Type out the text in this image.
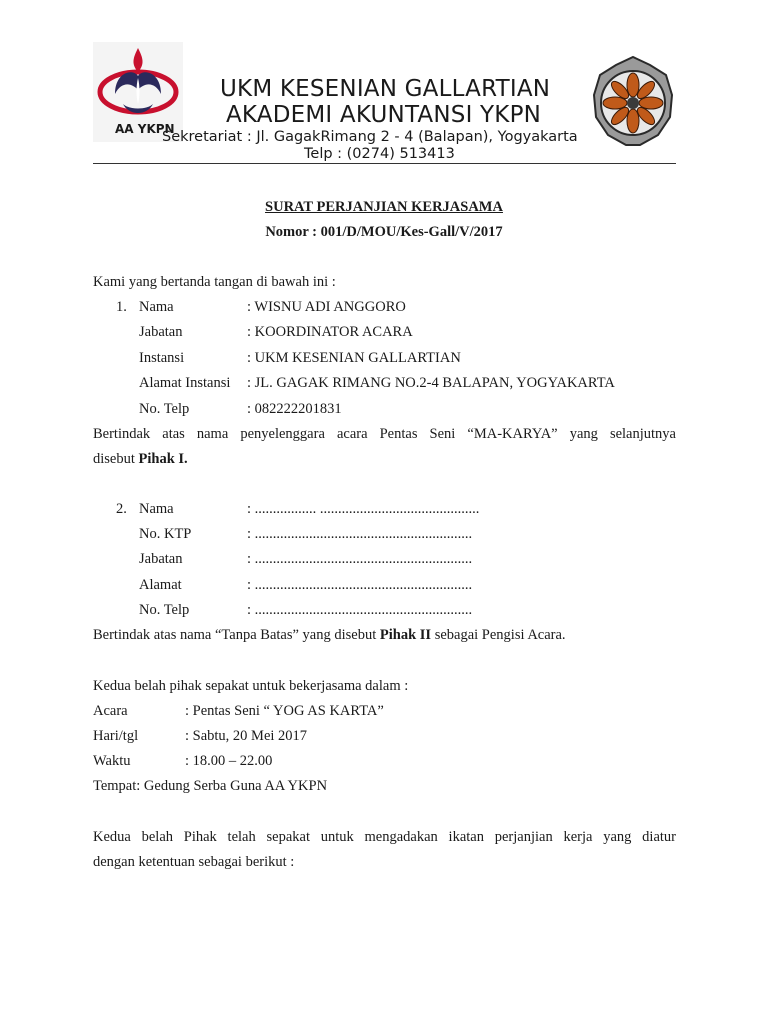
AA YKPN
UKM KESENIAN GALLARTIAN
AKADEMI AKUNTANSI YKPN
Sekretariat : Jl. GagakRimang 2 - 4 (Balapan), Yogyakarta
Telp : (0274) 513413
SURAT PERJANJIAN KERJASAMA
Nomor : 001/D/MOU/Kes-Gall/V/2017
Kami yang bertanda tangan di bawah ini :
1. Nama	: WISNU ADI ANGGORO
Jabatan	: KOORDINATOR ACARA
Instansi	: UKM KESENIAN GALLARTIAN
Alamat Instansi : JL. GAGAK RIMANG NO.2-4 BALAPAN, YOGYAKARTA
No. Telp	: 082222201831
Bertindak atas nama penyelenggara acara Pentas Seni “MA-KARYA” yang selanjutnya
disebut Pihak I.
2. Nama	: ................. ............................................
No. KTP	: ............................................................
Jabatan	: ............................................................
Alamat	: ............................................................
No. Telp	: ............................................................
Bertindak atas nama “Tanpa Batas” yang disebut Pihak II sebagai Pengisi Acara.
Kedua belah pihak sepakat untuk bekerjasama dalam :
Acara	: Pentas Seni “ YOG AS KARTA”
Hari/tgl	: Sabtu, 20 Mei 2017
Waktu	: 18.00 – 22.00
Tempat: Gedung Serba Guna AA YKPN
Kedua belah Pihak telah sepakat untuk mengadakan ikatan perjanjian kerja yang diatur
dengan ketentuan sebagai berikut :
